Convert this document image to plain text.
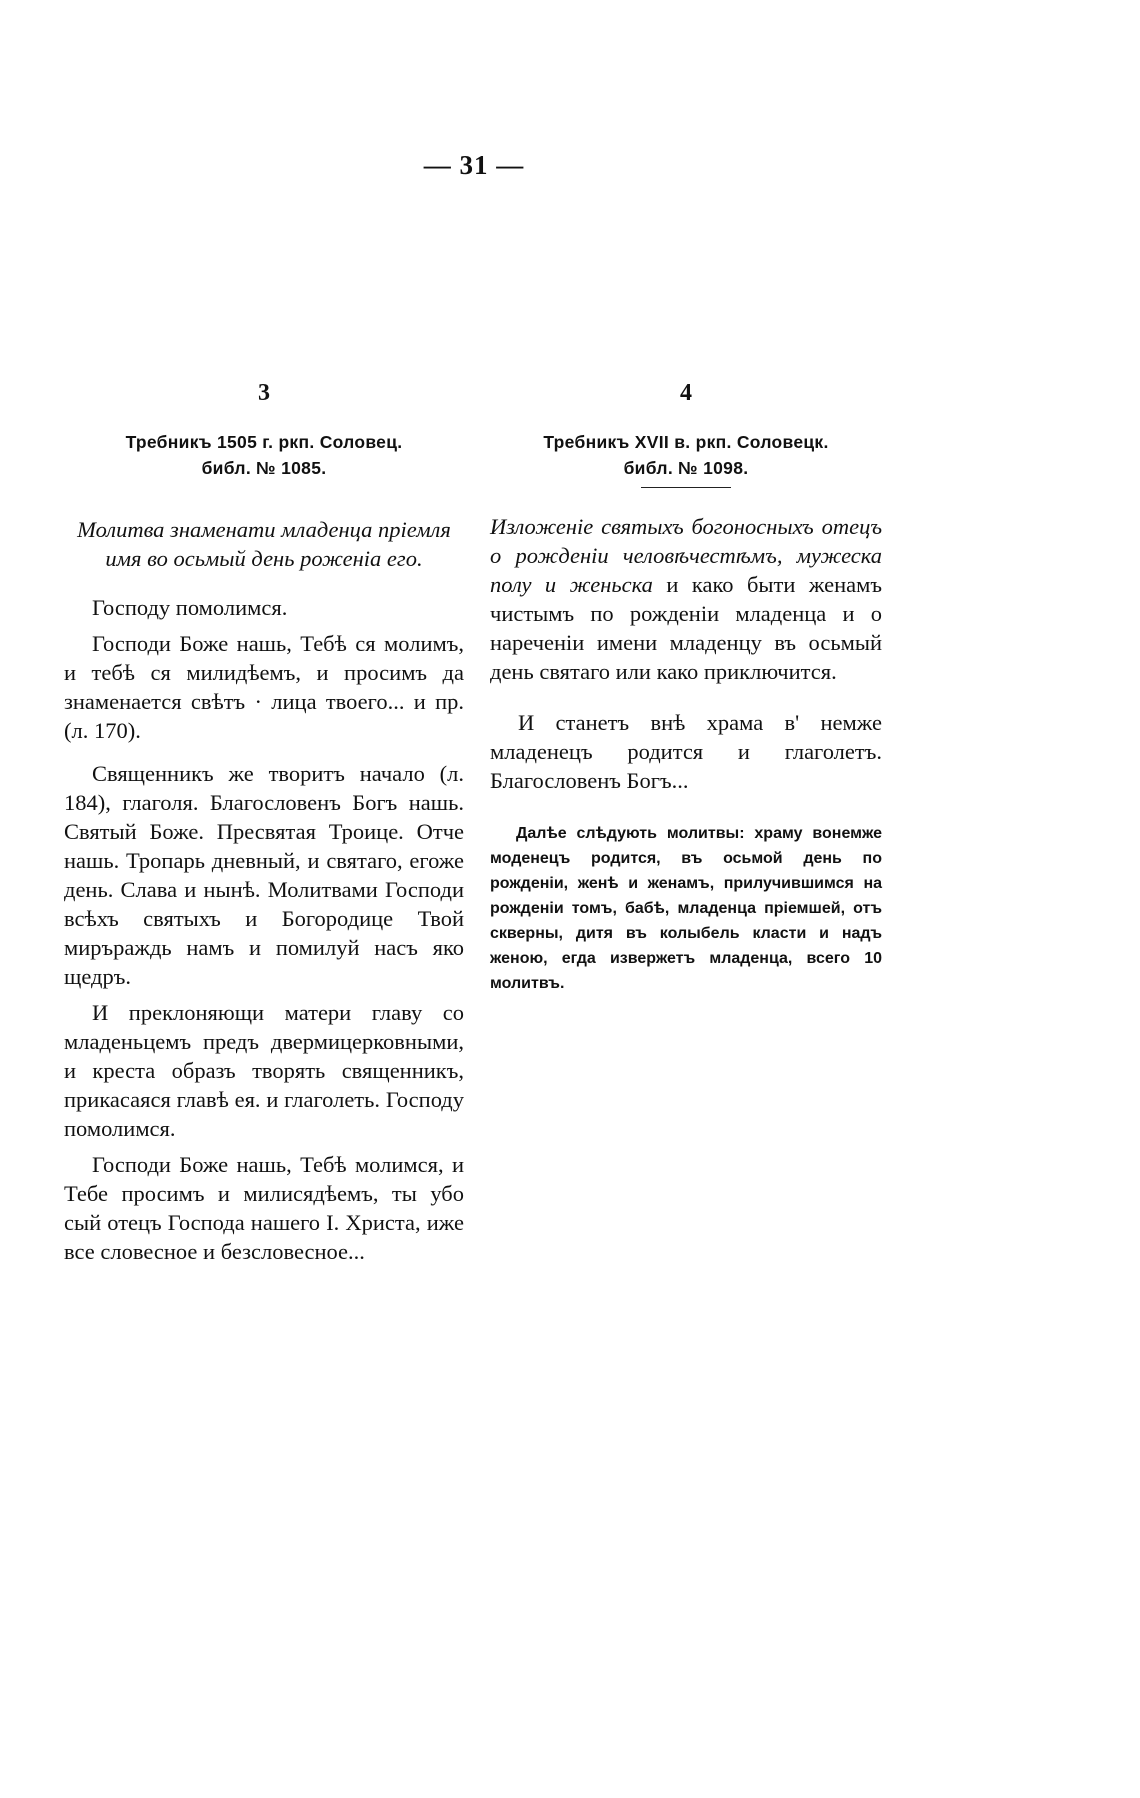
— 31 —
3

Требникъ 1505 г. ркп. Соловец.

библ. № 1085.

Молитва знаменати младенца пріемля имя во осьмый день роженіа его.

Господу помолимся.

Господи Боже нашь, Тебѣ ся молимъ, и тебѣ ся милидѣемъ, и просимъ да знаменается свѣтъ · лица твоего... и пр. (л. 170).

Священникъ же творитъ начало (л. 184), глаголя. Благословенъ Богъ нашь. Святый Боже. Пресвятая Троице. Отче нашь. Тропарь дневный, и святаго, егоже день. Слава и нынѣ. Молитвами Господи всѣхъ святыхъ и Богородице Твой миръраждь намъ и помилуй насъ яко щедръ.

И преклоняющи матери главу со младеньцемъ предъ двермицерковными, и креста образъ творять священникъ, прикасаяся главѣ ея. и глаголеть. Господу помолимся.

Господи Боже нашь, Тебѣ молимся, и Тебе просимъ и милисядѣемъ, ты убо сый отецъ Господа нашего І. Христа, иже все словесное и безсловесное...

4

Требникъ XVII в. ркп. Соловецк.

библ. № 1098.

Изложеніе святыхъ богоносныхъ отецъ о рожденіи человѣчестѣмъ, мужеска полу и женьска и како быти женамъ чистымъ по рожденіи младенца и о нареченіи имени младенцу въ осьмый день святаго или како приключится.

И станетъ внѣ храма в' немже младенецъ родится и глаголетъ. Благословенъ Богъ...

Далѣе слѣдують молитвы: храму вонемже моденецъ родится, въ осьмой день по рожденіи, женѣ и женамъ, прилучившимся на рожденіи томъ, бабѣ, младенца пріемшей, отъ скверны, дитя въ колыбель класти и надъ женою, егда извержетъ младенца, всего 10 молитвъ.
